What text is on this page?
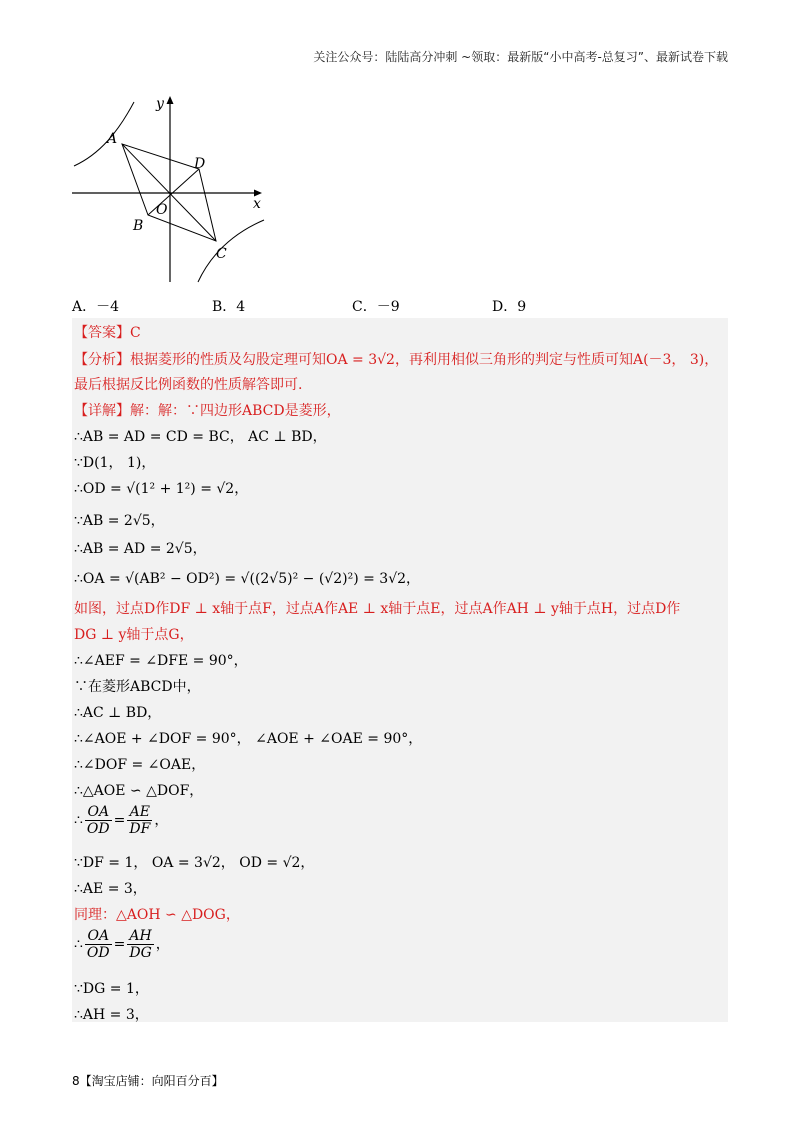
关注公众号：陆陆高分冲刺 ~领取：最新版“小中高考-总复习”、最新试卷下载
y
x
A
D
O
B
C
A．－4	B．4	C．－9	D．9
【答案】C
【分析】根据菱形的性质及勾股定理可知OA = 3√2，再利用相似三角形的判定与性质可知A(－3， 3)，
最后根据反比例函数的性质解答即可.
【详解】解：解：∵四边形ABCD是菱形，
∴AB = AD = CD = BC， AC ⊥ BD，
∵D(1， 1)，
∴OD = √(1² + 1²) = √2，
∵AB = 2√5，
∴AB = AD = 2√5，
∴OA = √(AB² − OD²) = √((2√5)² − (√2)²) = 3√2，
如图，过点D作DF ⊥ x轴于点F，过点A作AE ⊥ x轴于点E，过点A作AH ⊥ y轴于点H，过点D作
DG ⊥ y轴于点G，
∴∠AEF = ∠DFE = 90°，
∵在菱形ABCD中，
∴AC ⊥ BD，
∴∠AOE + ∠DOF = 90°， ∠AOE + ∠OAE = 90°，
∴∠DOF = ∠OAE，
∴△AOE ∽ △DOF，
∴ $\frac{OA}{OD} = \frac{AE}{DF}$ ，
∵DF = 1， OA = 3√2， OD = √2，
∴AE = 3，
同理：△AOH ∽ △DOG，
∴ $\frac{OA}{OD} = \frac{AH}{DG}$ ，
∵DG = 1，
∴AH = 3，
8【淘宝店铺：向阳百分百】
